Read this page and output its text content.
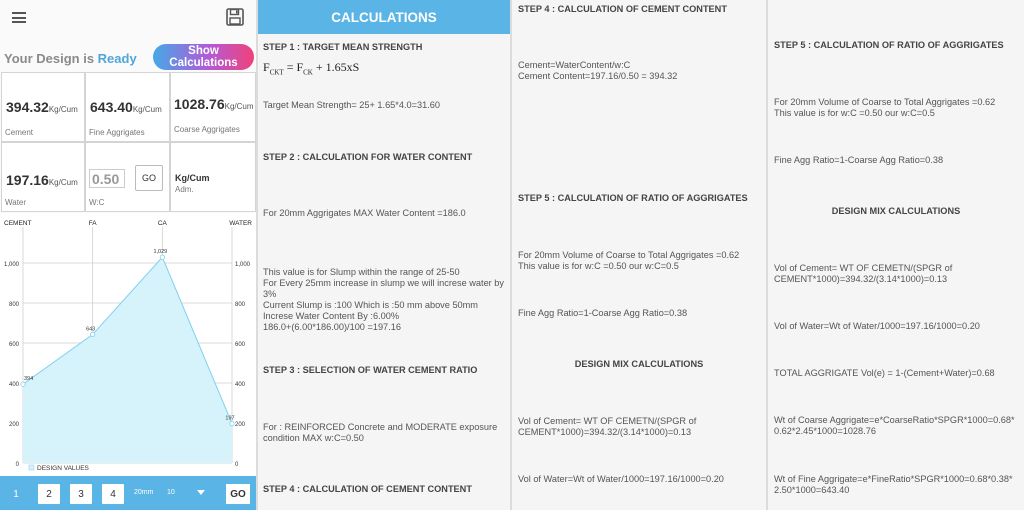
Your Design is Ready	Show Calculations
394.32Kg/Cum
Cement
643.40Kg/Cum
Fine Aggrigates
1028.76Kg/Cum
Coarse Aggrigates
197.16Kg/Cum
Water
0.50
GO
W:C
Kg/Cum
Adm.
1,000	1,000
800	800
600	600
400	400
200	200
0	0
CEMENT	FA	CA	WATER
394
643
1,029
197
DESIGN VALUES
1	2	3	4	20mm 10	GO
CALCULATIONS
STEP 1 : TARGET MEAN STRENGTH
$F_{CKT} = F_{CK} + 1.65xS$
Target Mean Strength= 25+ 1.65*4.0=31.60
STEP 2 : CALCULATION FOR WATER CONTENT
For 20mm Aggrigates MAX Water Content =186.0
This value is for Slump within the range of 25-50
For Every 25mm increase in slump we will increse water by 3%
Current Slump is :100 Which is :50 mm above 50mm
Increse Water Content By :6.00%
186.0+(6.00*186.00)/100 =197.16
STEP 3 : SELECTION OF WATER CEMENT RATIO
For : REINFORCED Concrete and MODERATE exposure condition MAX w:C=0.50
STEP 4 : CALCULATION OF CEMENT CONTENT
STEP 4 : CALCULATION OF CEMENT CONTENT
Cement=WaterContent/w:C
Cement Content=197.16/0.50 = 394.32
STEP 5 : CALCULATION OF RATIO OF AGGRIGATES
For 20mm Volume of Coarse to Total Aggrigates =0.62
This value is for w:C =0.50 our w:C=0.5
Fine Agg Ratio=1-Coarse Agg Ratio=0.38
DESIGN MIX CALCULATIONS
Vol of Cement= WT OF CEMETN/(SPGR of CEMENT*1000)=394.32/(3.14*1000)=0.13
Vol of Water=Wt of Water/1000=197.16/1000=0.20
STEP 5 : CALCULATION OF RATIO OF AGGRIGATES
For 20mm Volume of Coarse to Total Aggrigates =0.62
This value is for w:C =0.50 our w:C=0.5
Fine Agg Ratio=1-Coarse Agg Ratio=0.38
DESIGN MIX CALCULATIONS
Vol of Cement= WT OF CEMETN/(SPGR of CEMENT*1000)=394.32/(3.14*1000)=0.13
Vol of Water=Wt of Water/1000=197.16/1000=0.20
TOTAL AGGRIGATE Vol(e) = 1-(Cement+Water)=0.68
Wt of Coarse Aggrigate=e*CoarseRatio*SPGR*1000=0.68*0.62*2.45*1000=1028.76
Wt of Fine Aggrigate=e*FineRatio*SPGR*1000=0.68*0.38*2.50*1000=643.40
